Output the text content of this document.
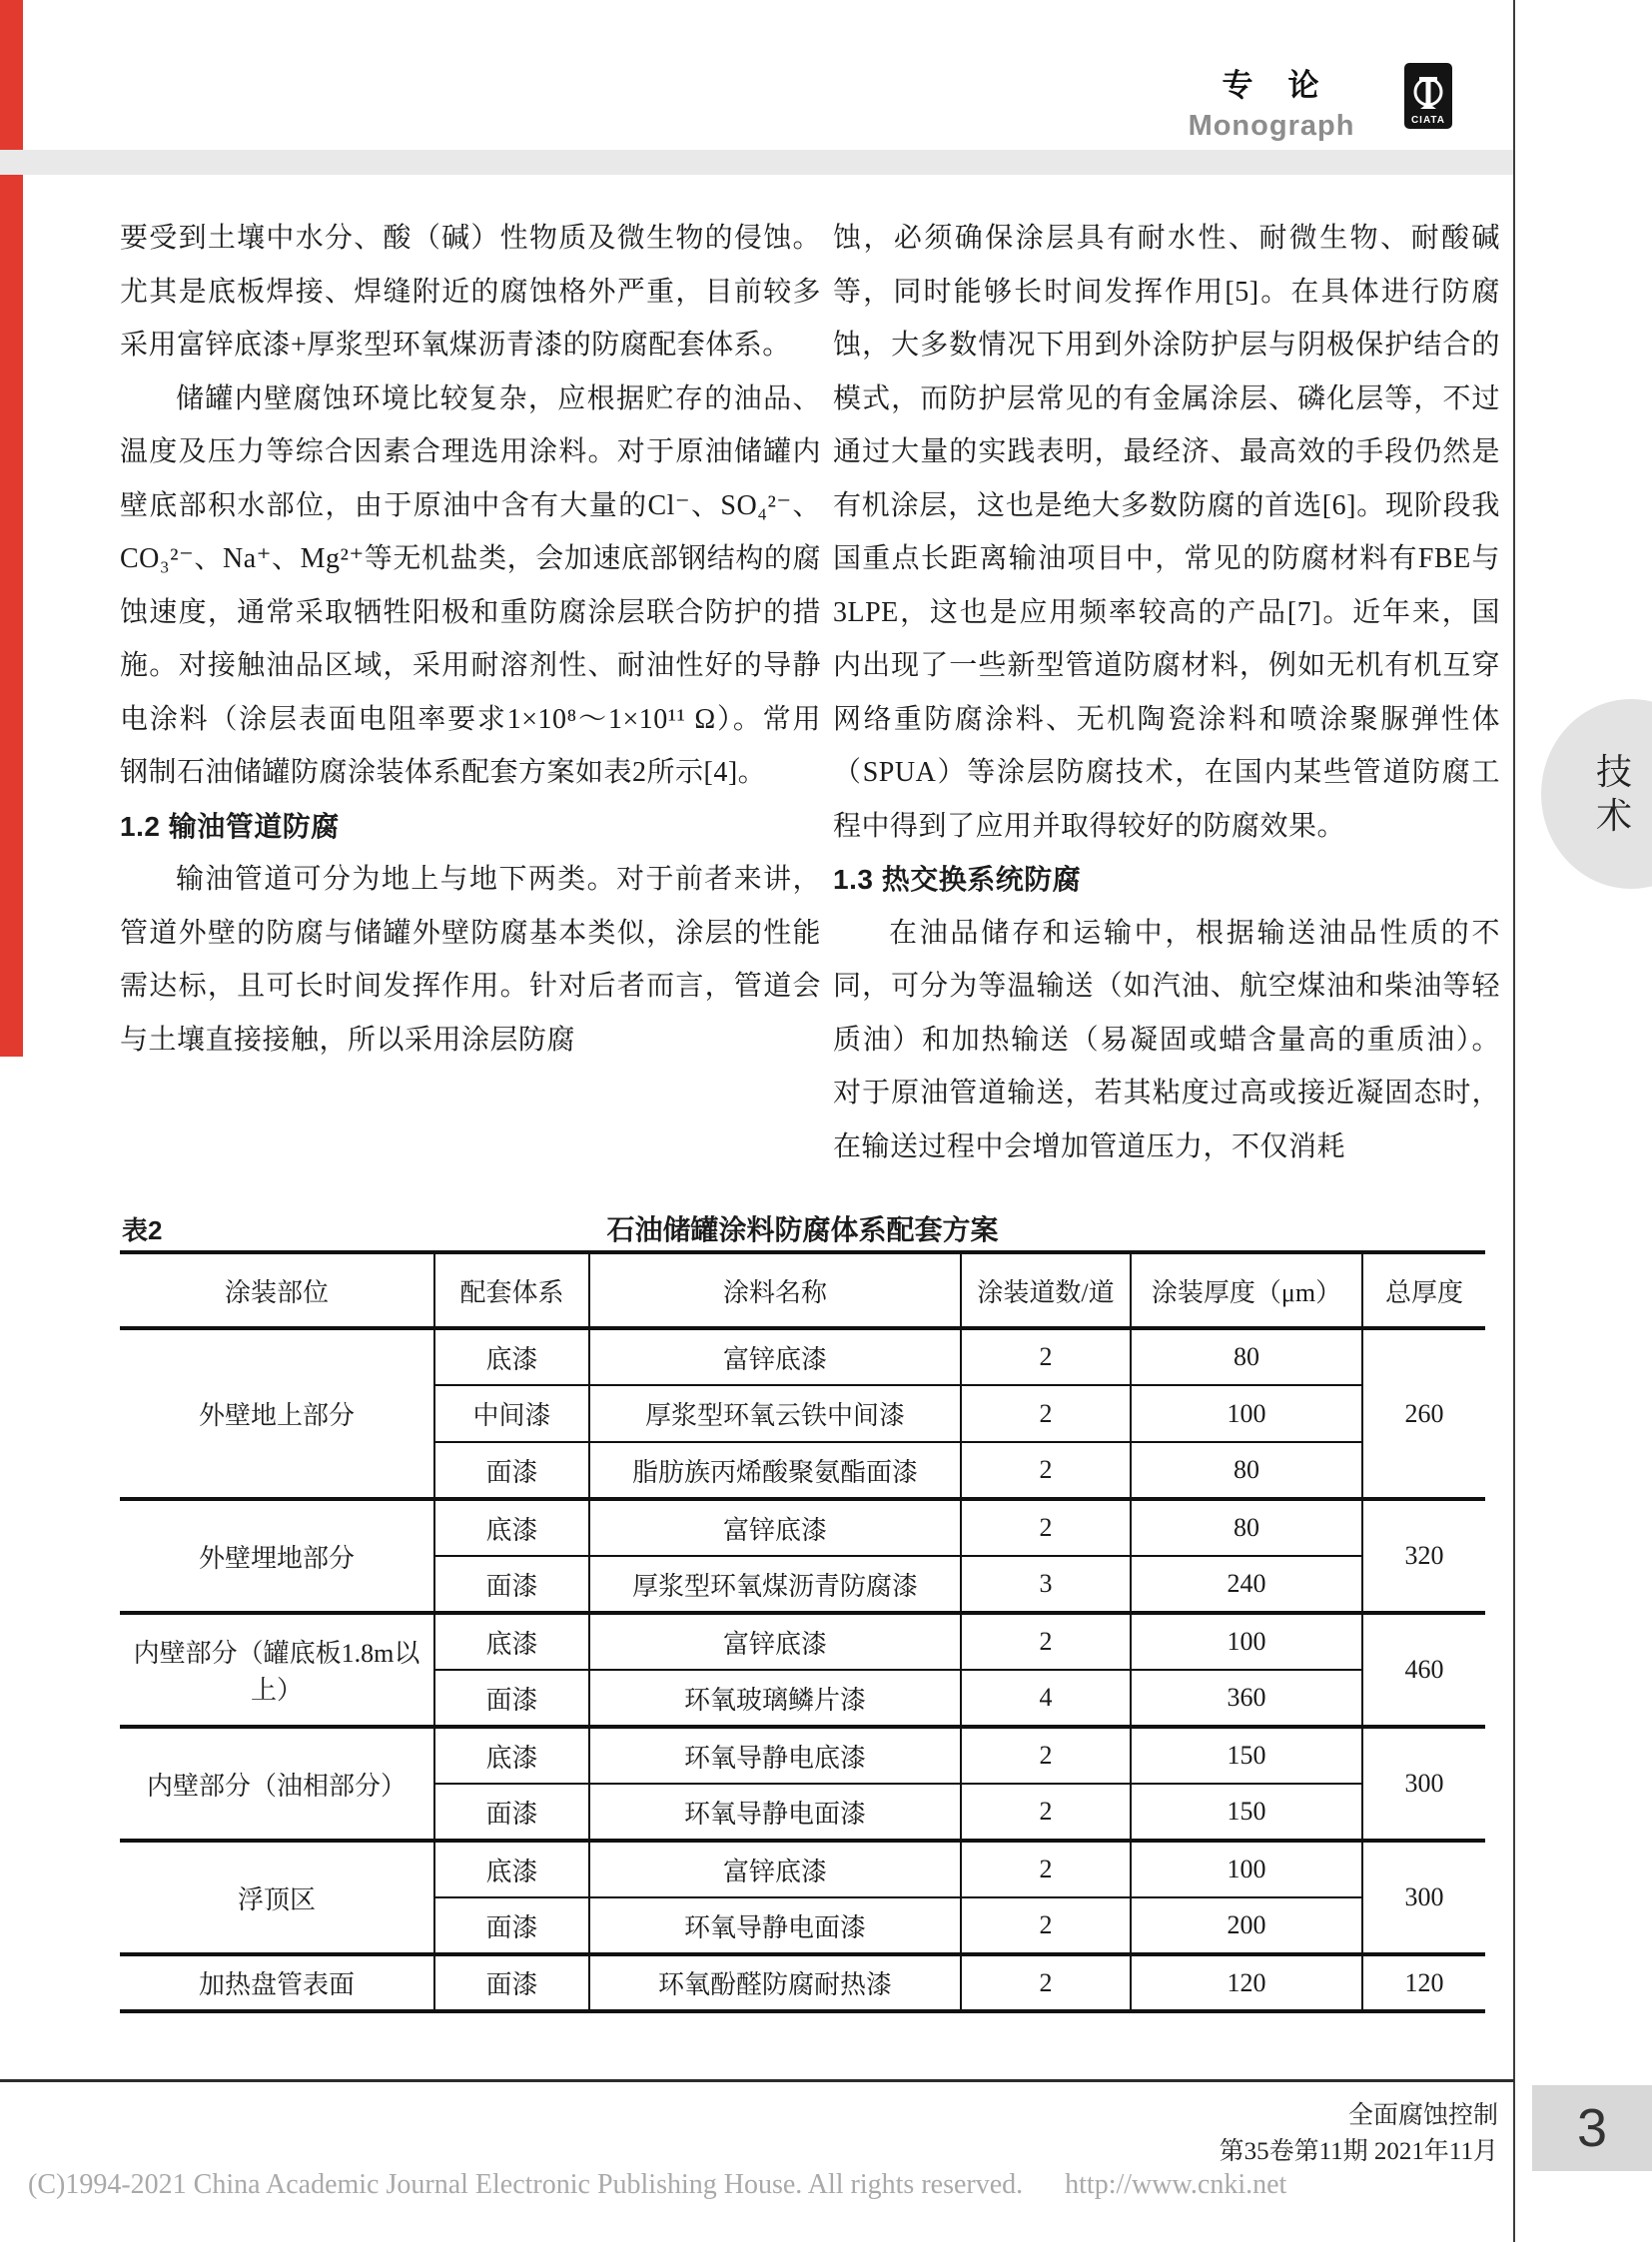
专　论
Monograph	CIATA

要受到土壤中水分、酸（碱）性物质及微生物的侵蚀。尤其是底板焊接、焊缝附近的腐蚀格外严重，目前较多采用富锌底漆+厚浆型环氧煤沥青漆的防腐配套体系。

储罐内壁腐蚀环境比较复杂，应根据贮存的油品、温度及压力等综合因素合理选用涂料。对于原油储罐内壁底部积水部位，由于原油中含有大量的Cl⁻、SO₄²⁻、CO₃²⁻、Na⁺、Mg²⁺等无机盐类，会加速底部钢结构的腐蚀速度，通常采取牺牲阳极和重防腐涂层联合防护的措施。对接触油品区域，采用耐溶剂性、耐油性好的导静电涂料（涂层表面电阻率要求1×10⁸～1×10¹¹ Ω）。常用钢制石油储罐防腐涂装体系配套方案如表2所示[4]。

1.2 输油管道防腐

输油管道可分为地上与地下两类。对于前者来讲，管道外壁的防腐与储罐外壁防腐基本类似，涂层的性能需达标，且可长时间发挥作用。针对后者而言，管道会与土壤直接接触，所以采用涂层防腐

蚀，必须确保涂层具有耐水性、耐微生物、耐酸碱等，同时能够长时间发挥作用[5]。在具体进行防腐蚀，大多数情况下用到外涂防护层与阴极保护结合的模式，而防护层常见的有金属涂层、磷化层等，不过通过大量的实践表明，最经济、最高效的手段仍然是有机涂层，这也是绝大多数防腐的首选[6]。现阶段我国重点长距离输油项目中，常见的防腐材料有FBE与3LPE，这也是应用频率较高的产品[7]。近年来，国内出现了一些新型管道防腐材料，例如无机有机互穿网络重防腐涂料、无机陶瓷涂料和喷涂聚脲弹性体（SPUA）等涂层防腐技术，在国内某些管道防腐工程中得到了应用并取得较好的防腐效果。

1.3 热交换系统防腐

在油品储存和运输中，根据输送油品性质的不同，可分为等温输送（如汽油、航空煤油和柴油等轻质油）和加热输送（易凝固或蜡含量高的重质油）。对于原油管道输送，若其粘度过高或接近凝固态时，在输送过程中会增加管道压力，不仅消耗

表2	石油储罐涂料防腐体系配套方案
涂装部位	配套体系	涂料名称	涂装道数/道	涂装厚度（μm）	总厚度
外壁地上部分	底漆	富锌底漆	2	80	260
	中间漆	厚浆型环氧云铁中间漆	2	100	
	面漆	脂肪族丙烯酸聚氨酯面漆	2	80	
外壁埋地部分	底漆	富锌底漆	2	80	320
	面漆	厚浆型环氧煤沥青防腐漆	3	240	
内壁部分（罐底板1.8m以上）	底漆	富锌底漆	2	100	460
	面漆	环氧玻璃鳞片漆	4	360	
内壁部分（油相部分）	底漆	环氧导静电底漆	2	150	300
	面漆	环氧导静电面漆	2	150	
浮顶区	底漆	富锌底漆	2	100	300
	面漆	环氧导静电面漆	2	200	
加热盘管表面	面漆	环氧酚醛防腐耐热漆	2	120	120
技
术
全面腐蚀控制
第35卷第11期 2021年11月
(C)1994-2021 China Academic Journal Electronic Publishing House. All rights reserved. http://www.cnki.net
3
